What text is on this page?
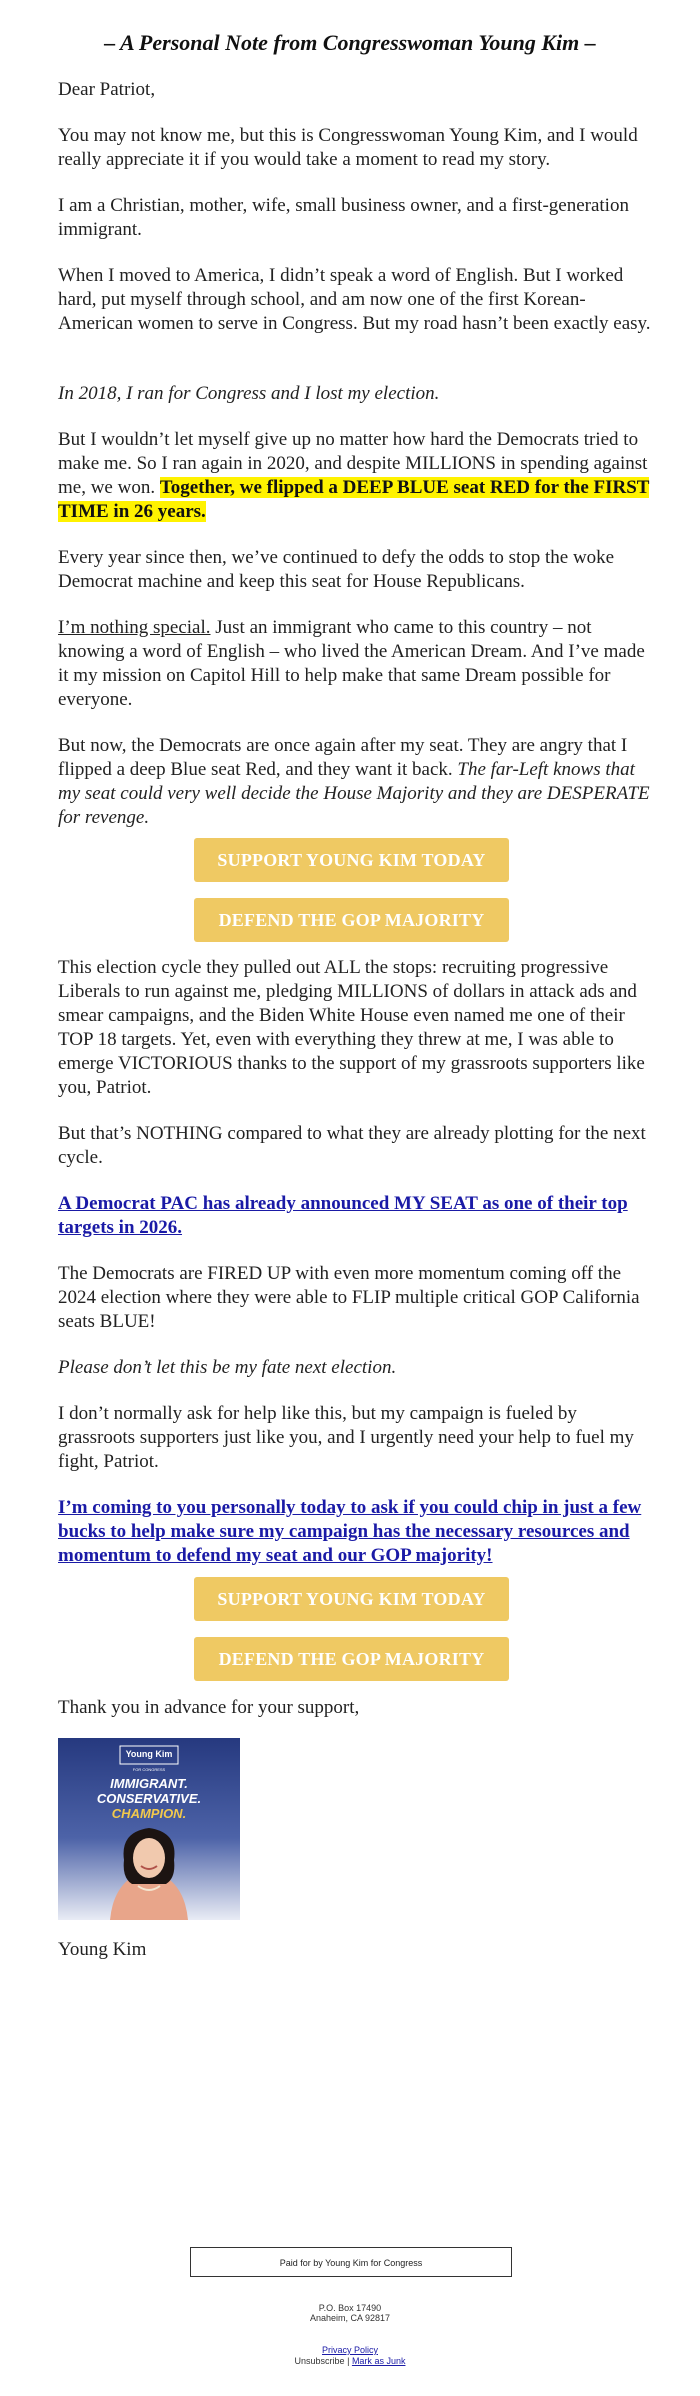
– A Personal Note from Congresswoman Young Kim –

Dear Patriot,

You may not know me, but this is Congresswoman Young Kim, and I would really appreciate it if you would take a moment to read my story.

I am a Christian, mother, wife, small business owner, and a first-generation immigrant.

When I moved to America, I didn’t speak a word of English. But I worked hard, put myself through school, and am now one of the first Korean-American women to serve in Congress. But my road hasn’t been exactly easy.

In 2018, I ran for Congress and I lost my election.

But I wouldn’t let myself give up no matter how hard the Democrats tried to make me. So I ran again in 2020, and despite MILLIONS in spending against me, we won. Together, we flipped a DEEP BLUE seat RED for the FIRST TIME in 26 years.

Every year since then, we’ve continued to defy the odds to stop the woke Democrat machine and keep this seat for House Republicans.

I’m nothing special. Just an immigrant who came to this country – not knowing a word of English – who lived the American Dream. And I’ve made it my mission on Capitol Hill to help make that same Dream possible for everyone.

But now, the Democrats are once again after my seat. They are angry that I flipped a deep Blue seat Red, and they want it back. The far-Left knows that my seat could very well decide the House Majority and they are DESPERATE for revenge.

SUPPORT YOUNG KIM TODAY
DEFEND THE GOP MAJORITY

This election cycle they pulled out ALL the stops: recruiting progressive Liberals to run against me, pledging MILLIONS of dollars in attack ads and smear campaigns, and the Biden White House even named me one of their TOP 18 targets. Yet, even with everything they threw at me, I was able to emerge VICTORIOUS thanks to the support of my grassroots supporters like you, Patriot.

But that’s NOTHING compared to what they are already plotting for the next cycle.

A Democrat PAC has already announced MY SEAT as one of their top targets in 2026.

The Democrats are FIRED UP with even more momentum coming off the 2024 election where they were able to FLIP multiple critical GOP California seats BLUE!

Please don’t let this be my fate next election.

I don’t normally ask for help like this, but my campaign is fueled by grassroots supporters just like you, and I urgently need your help to fuel my fight, Patriot.

I’m coming to you personally today to ask if you could chip in just a few bucks to help make sure my campaign has the necessary resources and momentum to defend my seat and our GOP majority!

SUPPORT YOUNG KIM TODAY
DEFEND THE GOP MAJORITY

Thank you in advance for your support,

Young Kim
FOR CONGRESS
IMMIGRANT.
CONSERVATIVE.
CHAMPION.

Young Kim

Paid for by Young Kim for Congress
P.O. Box 17490
Anaheim, CA 92817
Privacy Policy
Unsubscribe | Mark as Junk
